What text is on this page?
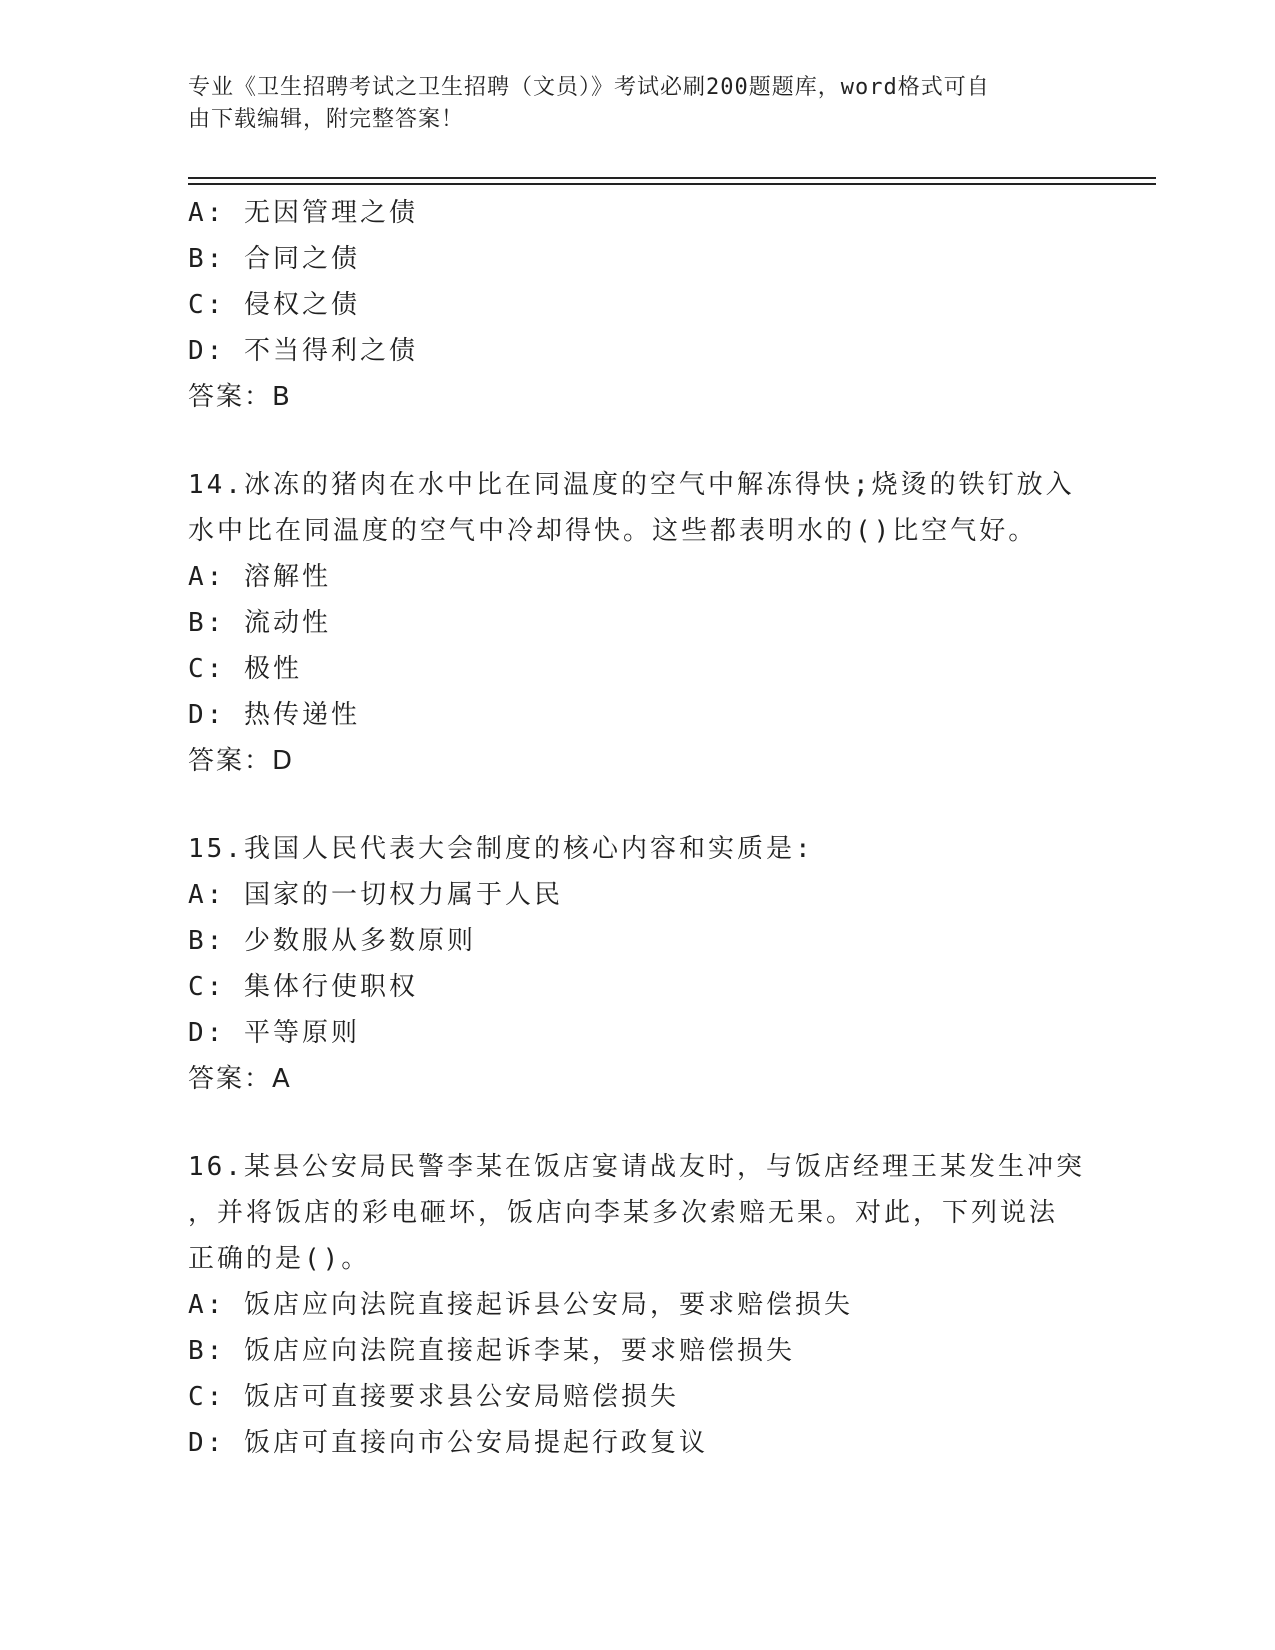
专业《卫生招聘考试之卫生招聘（文员）》考试必刷200题题库，word格式可自
由下载编辑，附完整答案！
A: 无因管理之债
B: 合同之债
C: 侵权之债
D: 不当得利之债
答案：B
14.冰冻的猪肉在水中比在同温度的空气中解冻得快;烧烫的铁钉放入
水中比在同温度的空气中冷却得快。这些都表明水的()比空气好。
A: 溶解性
B: 流动性
C: 极性
D: 热传递性
答案：D
15.我国人民代表大会制度的核心内容和实质是:
A: 国家的一切权力属于人民
B: 少数服从多数原则
C: 集体行使职权
D: 平等原则
答案：A
16.某县公安局民警李某在饭店宴请战友时，与饭店经理王某发生冲突
，并将饭店的彩电砸坏，饭店向李某多次索赔无果。对此，下列说法
正确的是()。
A: 饭店应向法院直接起诉县公安局，要求赔偿损失
B: 饭店应向法院直接起诉李某，要求赔偿损失
C: 饭店可直接要求县公安局赔偿损失
D: 饭店可直接向市公安局提起行政复议
